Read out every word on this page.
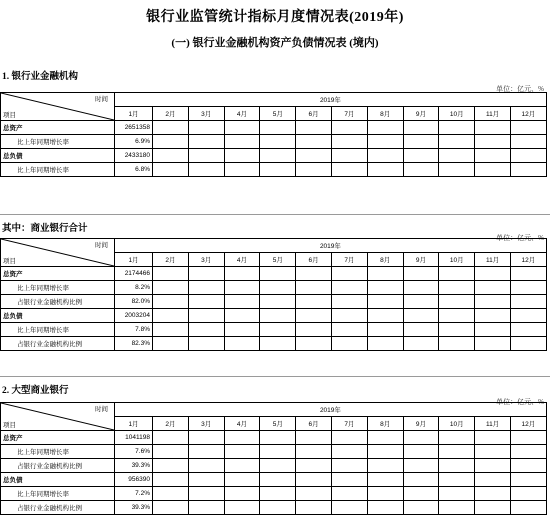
银行业监管统计指标月度情况表(2019年)
(一) 银行业金融机构资产负债情况表 (境内)
1. 银行业金融机构
单位：亿元、%
时间
项目	2019年											
	1月	2月	3月	4月	5月	6月	7月	8月	9月	10月	11月	12月
总资产	2651358											
比上年同期增长率	6.9%											
总负债	2433180											
比上年同期增长率	6.8%											
其中：商业银行合计
单位：亿元、%
时间
项目	2019年											
	1月	2月	3月	4月	5月	6月	7月	8月	9月	10月	11月	12月
总资产	2174466											
比上年同期增长率	8.2%											
占银行业金融机构比例	82.0%											
总负债	2003204											
比上年同期增长率	7.8%											
占银行业金融机构比例	82.3%											
2. 大型商业银行
单位：亿元、%
时间
项目	2019年											
	1月	2月	3月	4月	5月	6月	7月	8月	9月	10月	11月	12月
总资产	1041198											
比上年同期增长率	7.6%											
占银行业金融机构比例	39.3%											
总负债	956390											
比上年同期增长率	7.2%											
占银行业金融机构比例	39.3%											
